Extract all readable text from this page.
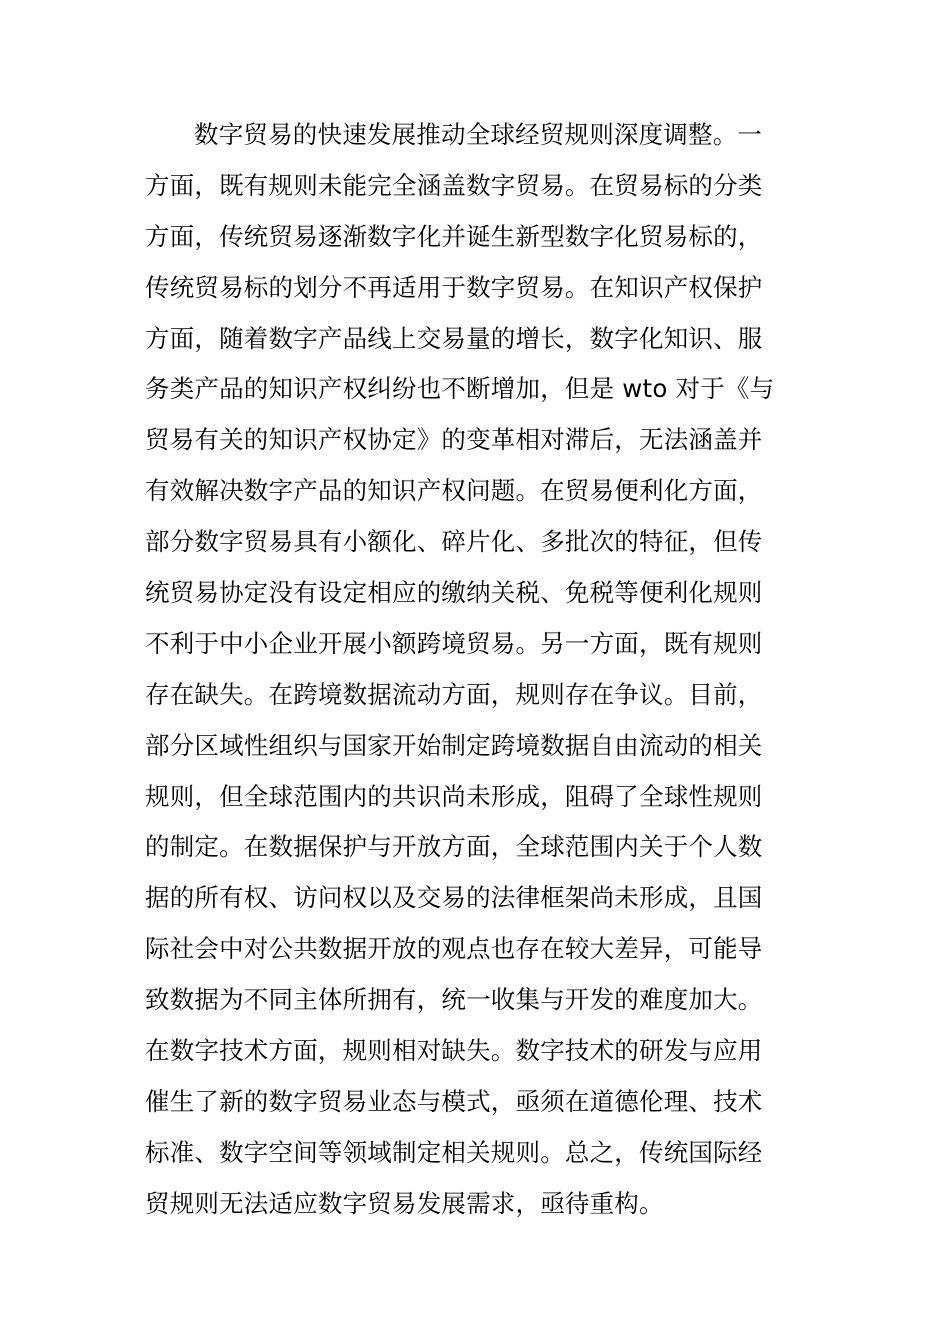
数字贸易的快速发展推动全球经贸规则深度调整。一
方面，既有规则未能完全涵盖数字贸易。在贸易标的分类
方面，传统贸易逐渐数字化并诞生新型数字化贸易标的，
传统贸易标的划分不再适用于数字贸易。在知识产权保护
方面，随着数字产品线上交易量的增长，数字化知识、服
务类产品的知识产权纠纷也不断增加，但是 wto 对于《与
贸易有关的知识产权协定》的变革相对滞后，无法涵盖并
有效解决数字产品的知识产权问题。在贸易便利化方面，
部分数字贸易具有小额化、碎片化、多批次的特征，但传
统贸易协定没有设定相应的缴纳关税、免税等便利化规则
不利于中小企业开展小额跨境贸易。另一方面，既有规则
存在缺失。在跨境数据流动方面，规则存在争议。目前，
部分区域性组织与国家开始制定跨境数据自由流动的相关
规则，但全球范围内的共识尚未形成，阻碍了全球性规则
的制定。在数据保护与开放方面，全球范围内关于个人数
据的所有权、访问权以及交易的法律框架尚未形成，且国
际社会中对公共数据开放的观点也存在较大差异，可能导
致数据为不同主体所拥有，统一收集与开发的难度加大。
在数字技术方面，规则相对缺失。数字技术的研发与应用
催生了新的数字贸易业态与模式，亟须在道德伦理、技术
标准、数字空间等领域制定相关规则。总之，传统国际经
贸规则无法适应数字贸易发展需求，亟待重构。
